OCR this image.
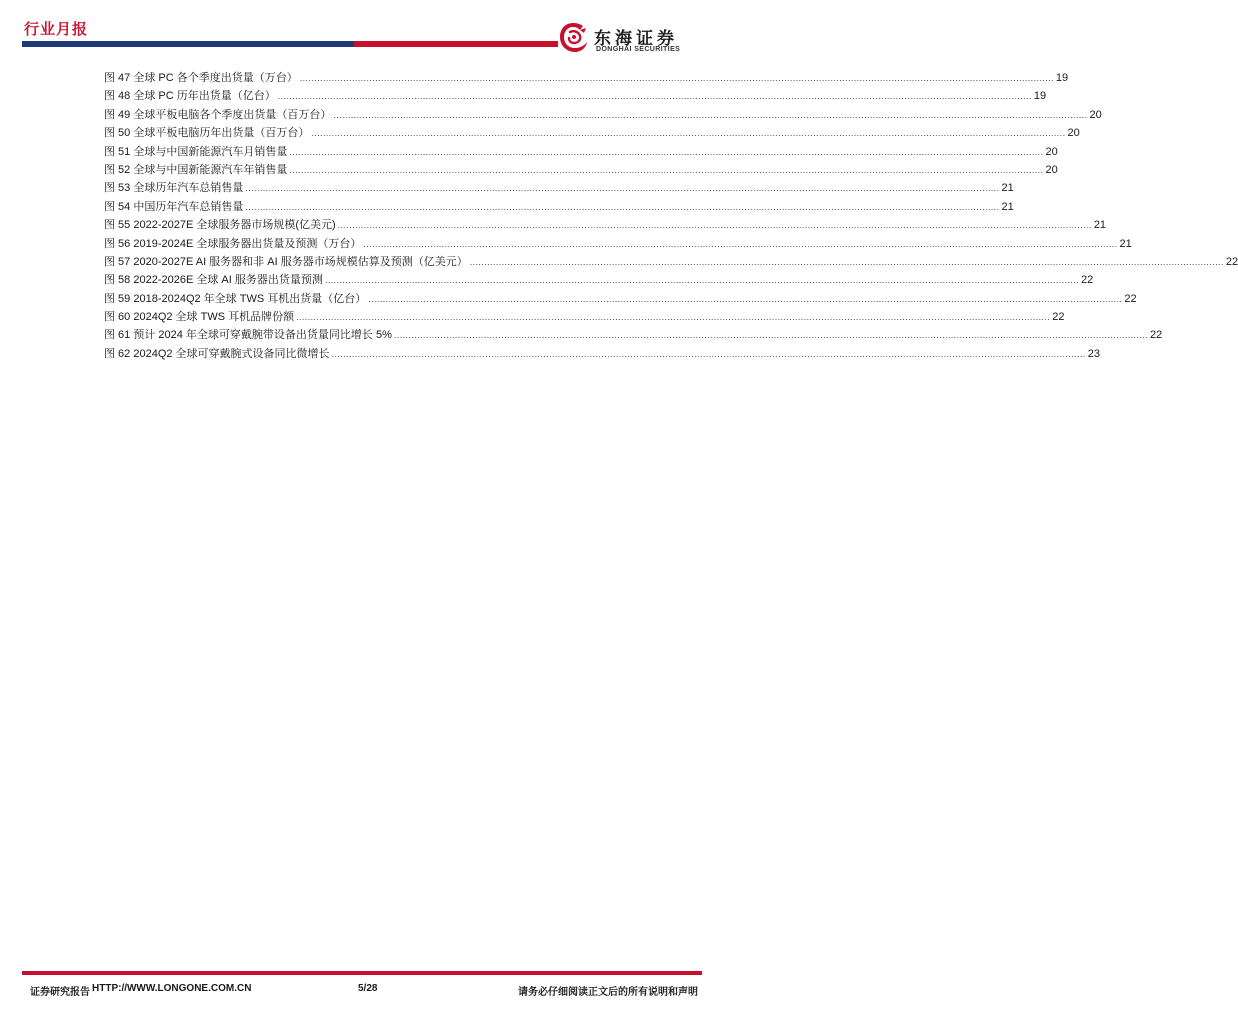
行业月报	东海证券
DONGHAI SECURITIES
图 47 全球 PC 各个季度出货量（万台） .................................................................................................................................................................................................................................................................... 19
图 48 全球 PC 历年出货量（亿台） .................................................................................................................................................................................................................................................................... 19
图 49 全球平板电脑各个季度出货量（百万台） .................................................................................................................................................................................................................................................................... 20
图 50 全球平板电脑历年出货量（百万台） .................................................................................................................................................................................................................................................................... 20
图 51 全球与中国新能源汽车月销售量 .................................................................................................................................................................................................................................................................... 20
图 52 全球与中国新能源汽车年销售量 .................................................................................................................................................................................................................................................................... 20
图 53 全球历年汽车总销售量 .................................................................................................................................................................................................................................................................... 21
图 54 中国历年汽车总销售量 .................................................................................................................................................................................................................................................................... 21
图 55 2022-2027E 全球服务器市场规模(亿美元) .................................................................................................................................................................................................................................................................... 21
图 56 2019-2024E 全球服务器出货量及预测（万台） .................................................................................................................................................................................................................................................................... 21
图 57 2020-2027E AI 服务器和非 AI 服务器市场规模估算及预测（亿美元） .................................................................................................................................................................................................................................................................... 22
图 58 2022-2026E 全球 AI 服务器出货量预测 .................................................................................................................................................................................................................................................................... 22
图 59 2018-2024Q2 年全球 TWS 耳机出货量（亿台） .................................................................................................................................................................................................................................................................... 22
图 60 2024Q2 全球 TWS 耳机品牌份额 .................................................................................................................................................................................................................................................................... 22
图 61 预计 2024 年全球可穿戴腕带设备出货量同比增长 5% .................................................................................................................................................................................................................................................................... 22
图 62 2024Q2 全球可穿戴腕式设备同比微增长 .................................................................................................................................................................................................................................................................... 23
证券研究报告 HTTP://WWW.LONGONE.COM.CN	5/28	请务必仔细阅读正文后的所有说明和声明
